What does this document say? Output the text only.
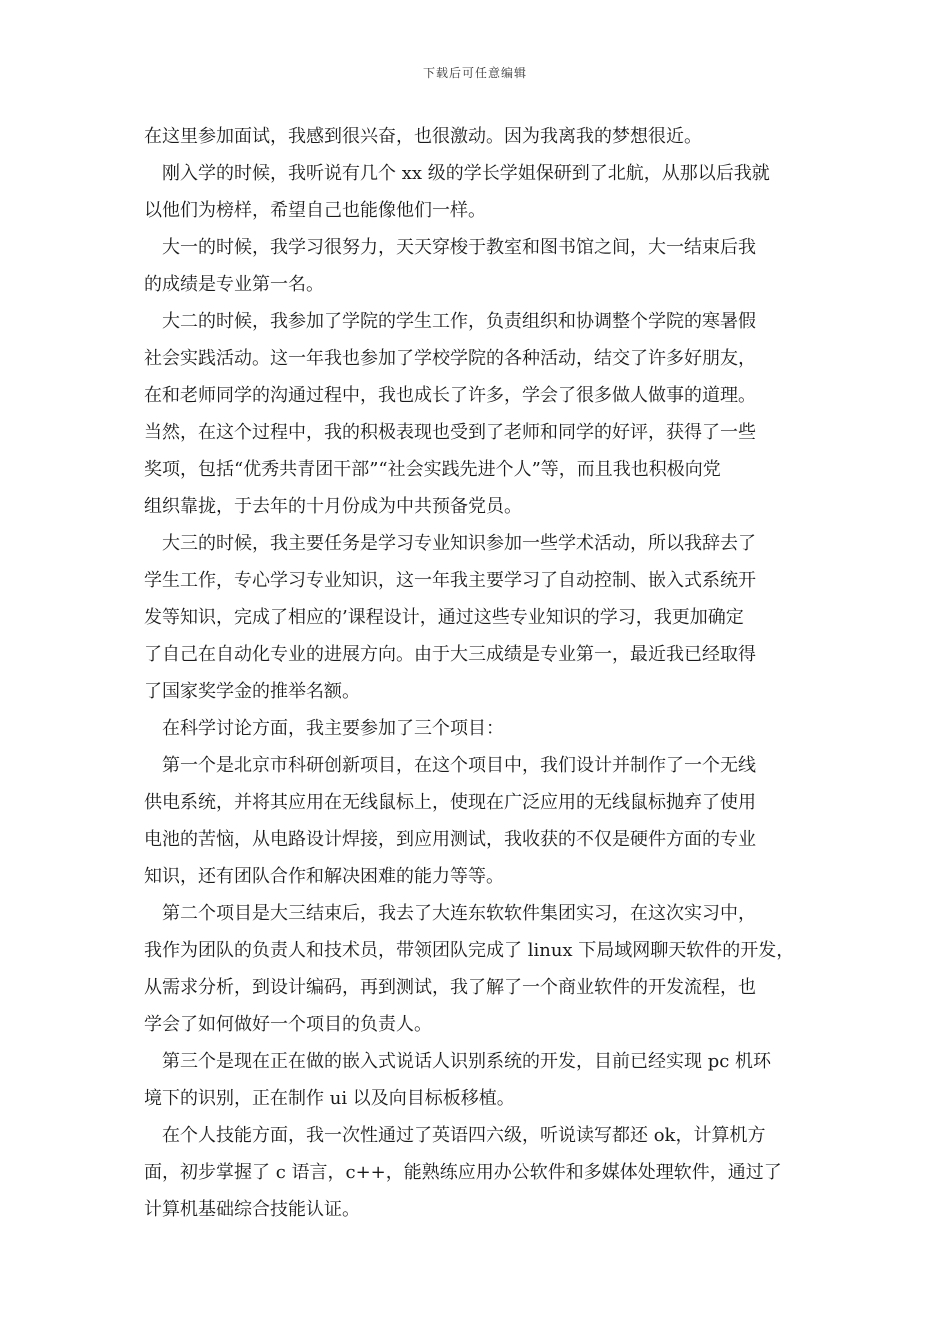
下载后可任意编辑
在这里参加面试，我感到很兴奋，也很激动。因为我离我的梦想很近。
刚入学的时候，我听说有几个 xx 级的学长学姐保研到了北航，从那以后我就
以他们为榜样，希望自己也能像他们一样。
大一的时候，我学习很努力，天天穿梭于教室和图书馆之间，大一结束后我
的成绩是专业第一名。
大二的时候，我参加了学院的学生工作，负责组织和协调整个学院的寒暑假
社会实践活动。这一年我也参加了学校学院的各种活动，结交了许多好朋友，
在和老师同学的沟通过程中，我也成长了许多，学会了很多做人做事的道理。
当然，在这个过程中，我的积极表现也受到了老师和同学的好评，获得了一些
奖项，包括“优秀共青团干部”“社会实践先进个人”等，而且我也积极向党
组织靠拢，于去年的十月份成为中共预备党员。
大三的时候，我主要任务是学习专业知识参加一些学术活动，所以我辞去了
学生工作，专心学习专业知识，这一年我主要学习了自动控制、嵌入式系统开
发等知识，完成了相应的’课程设计，通过这些专业知识的学习，我更加确定
了自己在自动化专业的进展方向。由于大三成绩是专业第一，最近我已经取得
了国家奖学金的推举名额。
在科学讨论方面，我主要参加了三个项目：
第一个是北京市科研创新项目，在这个项目中，我们设计并制作了一个无线
供电系统，并将其应用在无线鼠标上，使现在广泛应用的无线鼠标抛弃了使用
电池的苦恼，从电路设计焊接，到应用测试，我收获的不仅是硬件方面的专业
知识，还有团队合作和解决困难的能力等等。
第二个项目是大三结束后，我去了大连东软软件集团实习，在这次实习中，
我作为团队的负责人和技术员，带领团队完成了 linux 下局域网聊天软件的开发，
从需求分析，到设计编码，再到测试，我了解了一个商业软件的开发流程，也
学会了如何做好一个项目的负责人。
第三个是现在正在做的嵌入式说话人识别系统的开发，目前已经实现 pc 机环
境下的识别，正在制作 ui 以及向目标板移植。
在个人技能方面，我一次性通过了英语四六级，听说读写都还 ok，计算机方
面，初步掌握了 c 语言，c++，能熟练应用办公软件和多媒体处理软件，通过了
计算机基础综合技能认证。
